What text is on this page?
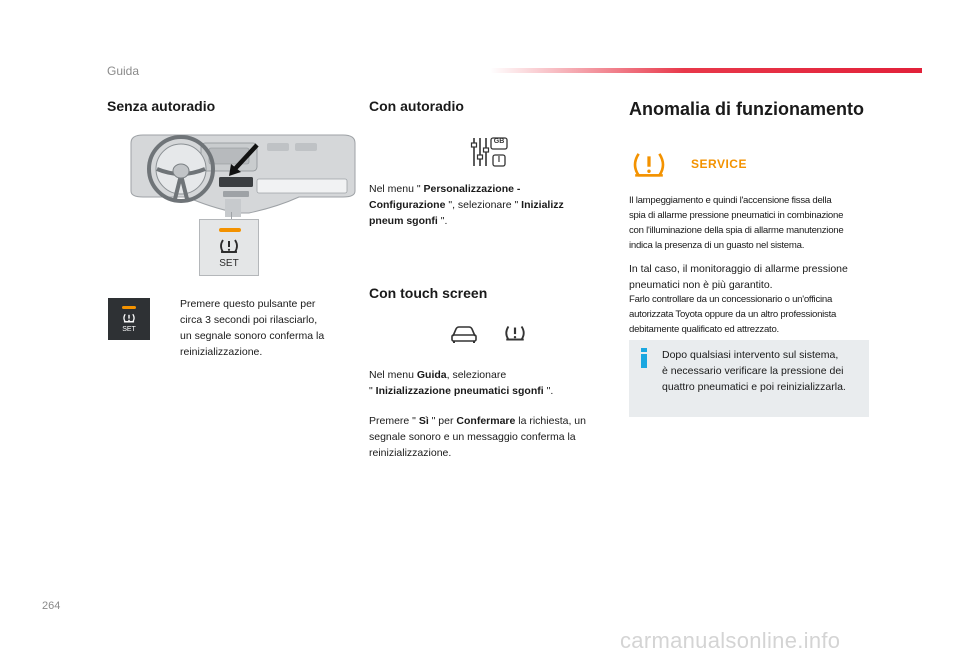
Guida
Senza autoradio
SET
SET
Premere questo pulsante per
circa 3 secondi poi rilasciarlo,
un segnale sonoro conferma la
reinizializzazione.
Con autoradio
GB
I
Nel menu " Personalizzazione -
Configurazione ", selezionare " Inizializz
pneum sgonfi ".
Con touch screen
Nel menu Guida, selezionare
" Inizializzazione pneumatici sgonfi ".
Premere " Sì " per Confermare la richiesta, un
segnale sonoro e un messaggio conferma la
reinizializzazione.
Anomalia di funzionamento
SERVICE
Il lampeggiamento e quindi l'accensione fissa della
spia di allarme pressione pneumatici in combinazione
con l'illuminazione della spia di allarme manutenzione
indica la presenza di un guasto nel sistema.
In tal caso, il monitoraggio di allarme pressione
pneumatici non è più garantito.
Farlo controllare da un concessionario o un'officina
autorizzata Toyota oppure da un altro professionista
debitamente qualificato ed attrezzato.
Dopo qualsiasi intervento sul sistema,
è necessario verificare la pressione dei
quattro pneumatici e poi reinizializzarla.
264
carmanualsonline.info
